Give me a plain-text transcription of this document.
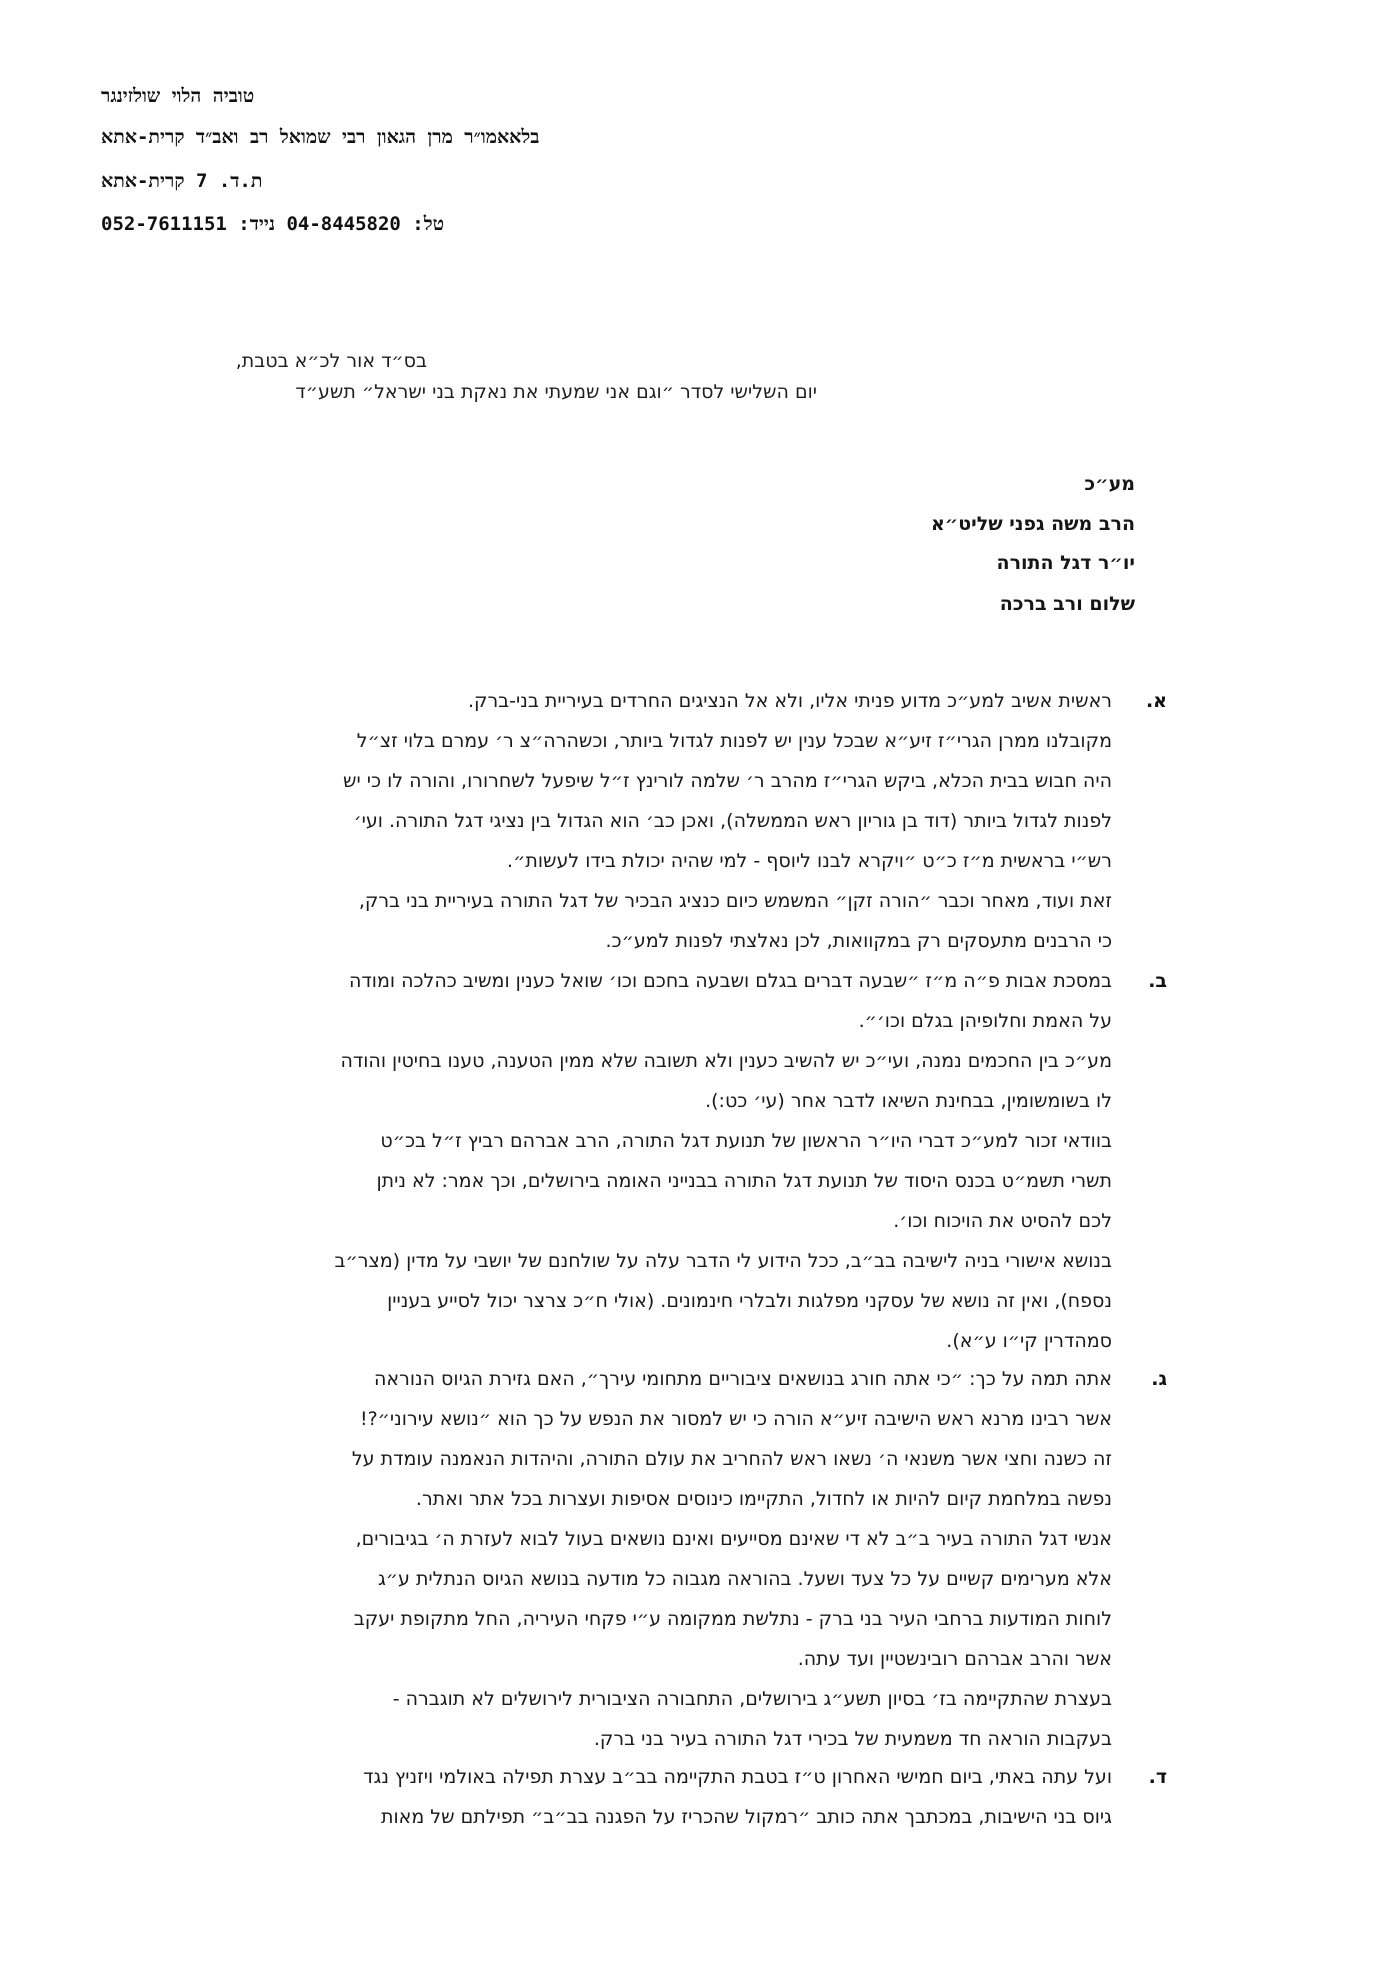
טוביה הלוי שולזינגר
בלאאמו״ר מרן הגאון רבי שמואל רב ואב״ד קרית-אתא
ת.ד. 7 קרית-אתא
052-7611151 :טל: 04-8445820 נייד
בס״ד אור לכ״א בטבת,
יום השלישי לסדר ״וגם אני שמעתי את נאקת בני ישראל״ תשע״ד
מע״כ
הרב משה גפני שליט״א
יו״ר דגל התורה
שלום ורב ברכה
א.
ב.
ג.
ד.
ראשית אשיב למע״כ מדוע פניתי אליו, ולא אל הנציגים החרדים בעיריית בני-ברק.
מקובלנו ממרן הגרי״ז זיע״א שבכל ענין יש לפנות לגדול ביותר, וכשהרה״צ ר׳ עמרם בלוי זצ״ל
היה חבוש בבית הכלא, ביקש הגרי״ז מהרב ר׳ שלמה לורינץ ז״ל שיפעל לשחרורו, והורה לו כי יש
לפנות לגדול ביותר (דוד בן גוריון ראש הממשלה), ואכן כב׳ הוא הגדול בין נציגי דגל התורה. ועי׳
רש״י בראשית מ״ז כ״ט ״ויקרא לבנו ליוסף - למי שהיה יכולת בידו לעשות״.
זאת ועוד, מאחר וכבר ״הורה זקן״ המשמש כיום כנציג הבכיר של דגל התורה בעיריית בני ברק,
כי הרבנים מתעסקים רק במקוואות, לכן נאלצתי לפנות למע״כ.
במסכת אבות פ״ה מ״ז ״שבעה דברים בגלם ושבעה בחכם וכו׳ שואל כענין ומשיב כהלכה ומודה
על האמת וחלופיהן בגלם וכו׳״.
מע״כ בין החכמים נמנה, ועי״כ יש להשיב כענין ולא תשובה שלא ממין הטענה, טענו בחיטין והודה
לו בשומשומין, בבחינת השיאו לדבר אחר (עי׳ כט:).
בוודאי זכור למע״כ דברי היו״ר הראשון של תנועת דגל התורה, הרב אברהם רביץ ז״ל בכ״ט
תשרי תשמ״ט בכנס היסוד של תנועת דגל התורה בבנייני האומה בירושלים, וכך אמר: לא ניתן
לכם להסיט את הויכוח וכו׳.
בנושא אישורי בניה לישיבה בב״ב, ככל הידוע לי הדבר עלה על שולחנם של יושבי על מדין (מצר״ב
נספח), ואין זה נושא של עסקני מפלגות ולבלרי חינמונים. (אולי ח״כ צרצר יכול לסייע בעניין
סמהדרין קי״ו ע״א).
אתה תמה על כך: ״כי אתה חורג בנושאים ציבוריים מתחומי עירך״, האם גזירת הגיוס הנוראה
אשר רבינו מרנא ראש הישיבה זיע״א הורה כי יש למסור את הנפש על כך הוא ״נושא עירוני״?!
זה כשנה וחצי אשר משנאי ה׳ נשאו ראש להחריב את עולם התורה, והיהדות הנאמנה עומדת על
נפשה במלחמת קיום להיות או לחדול, התקיימו כינוסים אסיפות ועצרות בכל אתר ואתר.
אנשי דגל התורה בעיר ב״ב לא די שאינם מסייעים ואינם נושאים בעול לבוא לעזרת ה׳ בגיבורים,
אלא מערימים קשיים על כל צעד ושעל. בהוראה מגבוה כל מודעה בנושא הגיוס הנתלית ע״ג
לוחות המודעות ברחבי העיר בני ברק - נתלשת ממקומה ע״י פקחי העיריה, החל מתקופת יעקב
אשר והרב אברהם רובינשטיין ועד עתה.
בעצרת שהתקיימה בז׳ בסיון תשע״ג בירושלים, התחבורה הציבורית לירושלים לא תוגברה -
בעקבות הוראה חד משמעית של בכירי דגל התורה בעיר בני ברק.
ועל עתה באתי, ביום חמישי האחרון ט״ז בטבת התקיימה בב״ב עצרת תפילה באולמי ויזניץ נגד
גיוס בני הישיבות, במכתבך אתה כותב ״רמקול שהכריז על הפגנה בב״ב״ תפילתם של מאות
